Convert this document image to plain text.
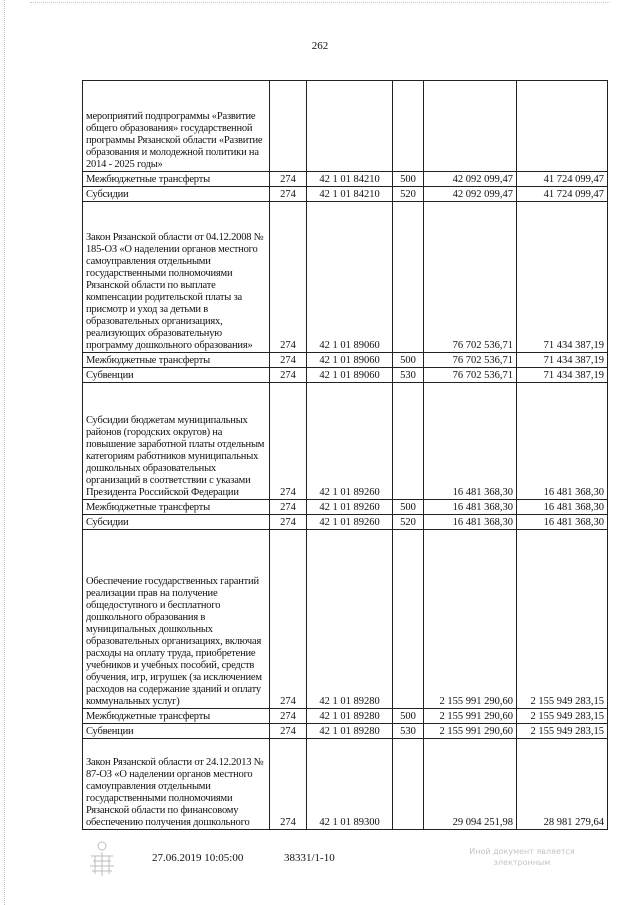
262
мероприятий подпрограммы «Развитие общего образования» государственной программы Рязанской области «Развитие образования и молодежной политики на 2014 - 2025 годы»					
Межбюджетные трансферты	274	42 1 01 84210	500	42 092 099,47	41 724 099,47
Субсидии	274	42 1 01 84210	520	42 092 099,47	41 724 099,47
Закон Рязанской области от 04.12.2008 № 185-ОЗ «О наделении органов местного самоуправления отдельными государственными полномочиями Рязанской области по выплате компенсации родительской платы за присмотр и уход за детьми в образовательных организациях, реализующих образовательную программу дошкольного образования»	274	42 1 01 89060		76 702 536,71	71 434 387,19
Межбюджетные трансферты	274	42 1 01 89060	500	76 702 536,71	71 434 387,19
Субвенции	274	42 1 01 89060	530	76 702 536,71	71 434 387,19
Субсидии бюджетам муниципальных районов (городских округов) на повышение заработной платы отдельным категориям работников муниципальных дошкольных образовательных организаций в соответствии с указами Президента Российской Федерации	274	42 1 01 89260		16 481 368,30	16 481 368,30
Межбюджетные трансферты	274	42 1 01 89260	500	16 481 368,30	16 481 368,30
Субсидии	274	42 1 01 89260	520	16 481 368,30	16 481 368,30
Обеспечение государственных гарантий реализации прав на получение общедоступного и бесплатного дошкольного образования в муниципальных дошкольных образовательных организациях, включая расходы на оплату труда, приобретение учебников и учебных пособий, средств обучения, игр, игрушек (за исключением расходов на содержание зданий и оплату коммунальных услуг)	274	42 1 01 89280		2 155 991 290,60	2 155 949 283,15
Межбюджетные трансферты	274	42 1 01 89280	500	2 155 991 290,60	2 155 949 283,15
Субвенции	274	42 1 01 89280	530	2 155 991 290,60	2 155 949 283,15
Закон Рязанской области от 24.12.2013 № 87-ОЗ «О наделении органов местного самоуправления отдельными государственными полномочиями Рязанской области по финансовому обеспечению получения дошкольного	274	42 1 01 89300		29 094 251,98	28 981 279,64
27.06.2019 10:05:00	38331/1-10
Иной документ является электронным
